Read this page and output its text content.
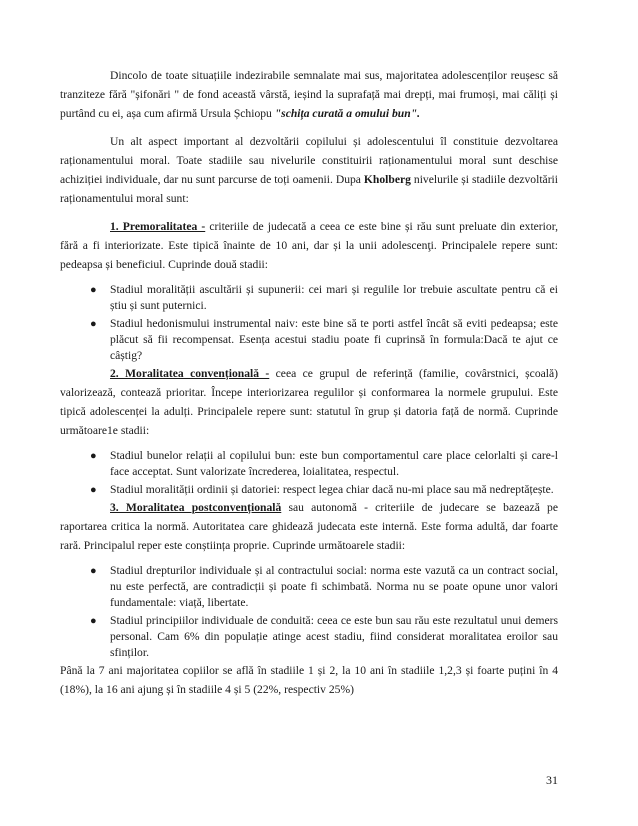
Dincolo de toate situațiile indezirabile semnalate mai sus, majoritatea adolescenților reușesc să tranziteze fără "șifonări " de fond această vârstă, ieșind la suprafață mai drepți, mai frumoși, mai căliți și purtând cu ei, așa cum afirmă Ursula Șchiopu "schița curată a omului bun".

Un alt aspect important al dezvoltării copilului și adolescentului îl constituie dezvoltarea raționamentului moral. Toate stadiile sau nivelurile constituirii raționamentului moral sunt deschise achiziției individuale, dar nu sunt parcurse de toți oamenii. Dupa Kholberg nivelurile și stadiile dezvoltării raționamentului moral sunt:

1. Premoralitatea - criteriile de judecată a ceea ce este bine și rău sunt preluate din exterior, fără a fi interiorizate. Este tipică înainte de 10 ani, dar și la unii adolescenţi. Principalele repere sunt: pedeapsa și beneficiul. Cuprinde două stadii:

● Stadiul moralității ascultării și supunerii: cei mari și regulile lor trebuie ascultate pentru că ei știu și sunt puternici.
● Stadiul hedonismului instrumental naiv: este bine să te porti astfel încât să eviti pedeapsa; este plăcut să fii recompensat. Esența acestui stadiu poate fi cuprinsă în formula:Dacă te ajut ce câștig?

2. Moralitatea convențională - ceea ce grupul de referință (familie, covârstnici, școală) valorizează, contează prioritar. Începe interiorizarea regulilor și conformarea la normele grupului. Este tipică adolescenței la adulți. Principalele repere sunt: statutul în grup și datoria față de normă. Cuprinde următoare1e stadii:

● Stadiul bunelor relații al copilului bun: este bun comportamentul care place celorlalti și care-l face acceptat. Sunt valorizate încrederea, loialitatea, respectul.
● Stadiul moralității ordinii și datoriei: respect legea chiar dacă nu-mi place sau mă nedreptățește.

3. Moralitatea postconvențională sau autonomă - criteriile de judecare se bazează pe raportarea critica la normă. Autoritatea care ghidează judecata este internă. Este forma adultă, dar foarte rară. Principalul reper este conștiința proprie. Cuprinde următoarele stadii:

● Stadiul drepturilor individuale și al contractului social: norma este vazută ca un contract social, nu este perfectă, are contradicții și poate fi schimbată. Norma nu se poate opune unor valori fundamentale: viață, libertate.
● Stadiul principiilor individuale de conduită: ceea ce este bun sau rău este rezultatul unui demers personal. Cam 6% din populație atinge acest stadiu, fiind considerat moralitatea eroilor sau sfinților.

Până la 7 ani majoritatea copiilor se află în stadiile 1 și 2, la 10 ani în stadiile 1,2,3 și foarte puțini în 4 (18%), la 16 ani ajung și în stadiile 4 și 5 (22%, respectiv 25%)

31
